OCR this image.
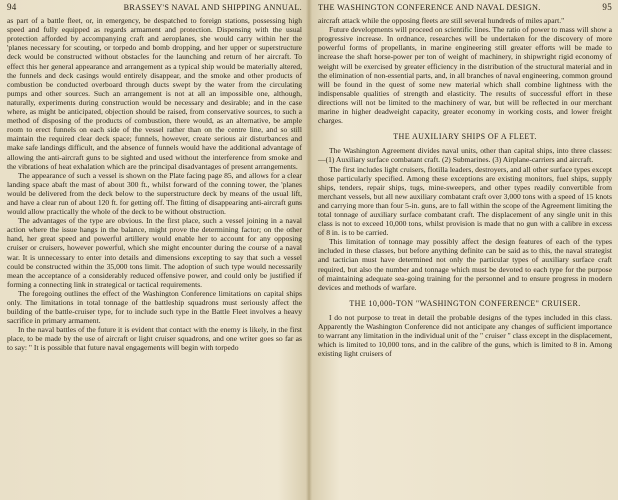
94	BRASSEY'S NAVAL AND SHIPPING ANNUAL.

as part of a battle fleet, or, in emergency, be despatched to foreign stations, possessing high speed and fully equipped as regards armament and protection. Dispensing with the usual protection afforded by accompanying craft and aeroplanes, she would carry within her the 'planes necessary for scouting, or torpedo and bomb dropping, and her upper or superstructure deck would be constructed without obstacles for the launching and return of her aircraft. To effect this her general appearance and arrangement as a typical ship would be materially altered, the funnels and deck casings would entirely disappear, and the smoke and other products of combustion be conducted overboard through ducts swept by the water from the circulating pumps and other sources. Such an arrangement is not at all an impossible one, although, naturally, experiments during construction would be necessary and desirable; and in the case where, as might be anticipated, objection should be raised, from conservative sources, to such a method of disposing of the products of combustion, there would, as an alternative, be ample room to erect funnels on each side of the vessel rather than on the centre line, and so still maintain the required clear deck space; funnels, however, create serious air disturbances and make safe landings difficult, and the absence of funnels would have the additional advantage of allowing the anti-aircraft guns to be sighted and used without the interference from smoke and the vibrations of heat exhalation which are the principal disadvantages of present arrangements.

The appearance of such a vessel is shown on the Plate facing page 85, and allows for a clear landing space abaft the mast of about 300 ft., whilst forward of the conning tower, the 'planes would be delivered from the deck below to the superstructure deck by means of the usual lift, and have a clear run of about 120 ft. for getting off. The fitting of disappearing anti-aircraft guns would allow practically the whole of the deck to be without obstruction.

The advantages of the type are obvious. In the first place, such a vessel joining in a naval action where the issue hangs in the balance, might prove the determining factor; on the other hand, her great speed and powerful artillery would enable her to account for any opposing cruiser or cruisers, however powerful, which she might encounter during the course of a naval war. It is unnecessary to enter into details and dimensions excepting to say that such a vessel could be constructed within the 35,000 tons limit. The adoption of such type would necessarily mean the acceptance of a considerably reduced offensive power, and could only be justified if forming a connecting link in strategical or tactical requirements.

The foregoing outlines the effect of the Washington Conference limitations on capital ships only. The limitations in total tonnage of the battleship squadrons must seriously affect the building of the battle-cruiser type, for to include such type in the Battle Fleet involves a heavy sacrifice in primary armament.

In the naval battles of the future it is evident that contact with the enemy is likely, in the first place, to be made by the use of aircraft or light cruiser squadrons, and one writer goes so far as to say: " It is possible that future naval engagements will begin with torpedo

THE WASHINGTON CONFERENCE AND NAVAL DESIGN.	95

aircraft attack while the opposing fleets are still several hundreds of miles apart."

Future developments will proceed on scientific lines. The ratio of power to mass will show a progressive increase. In ordnance, researches will be undertaken for the discovery of more powerful forms of propellants, in marine engineering still greater efforts will be made to increase the shaft horse-power per ton of weight of machinery, in shipwright rigid economy of weight will be exercised by greater efficiency in the distribution of the structural material and in the elimination of non-essential parts, and, in all branches of naval engineering, common ground will be found in the quest of some new material which shall combine lightness with the indispensable qualities of strength and elasticity. The results of successful effort in these directions will not be limited to the machinery of war, but will be reflected in our merchant marine in higher deadweight capacity, greater economy in working costs, and lower freight charges.

THE AUXILIARY SHIPS OF A FLEET.

The Washington Agreement divides naval units, other than capital ships, into three classes:—(1) Auxiliary surface combatant craft. (2) Submarines. (3) Airplane-carriers and aircraft.

The first includes light cruisers, flotilla leaders, destroyers, and all other surface types except those particularly specified. Among these exceptions are existing monitors, fuel ships, supply ships, tenders, repair ships, tugs, mine-sweepers, and other types readily convertible from merchant vessels, but all new auxiliary combatant craft over 3,000 tons with a speed of 15 knots and carrying more than four 5-in. guns, are to fall within the scope of the Agreement limiting the total tonnage of auxiliary surface combatant craft. The displacement of any single unit in this class is not to exceed 10,000 tons, whilst provision is made that no gun with a calibre in excess of 8 in. is to be carried.

This limitation of tonnage may possibly affect the design features of each of the types included in these classes, but before anything definite can be said as to this, the naval strategist and tactician must have determined not only the particular types of auxiliary surface craft required, but also the number and tonnage which must be devoted to each type for the purpose of maintaining adequate sea-going training for the personnel and to ensure progress in modern devices and methods of warfare.

THE 10,000-TON "WASHINGTON CONFERENCE" CRUISER.

I do not purpose to treat in detail the probable designs of the types included in this class. Apparently the Washington Conference did not anticipate any changes of sufficient importance to warrant any limitation in the individual unit of the " cruiser " class except in the displacement, which is limited to 10,000 tons, and in the calibre of the guns, which is limited to 8 in. Among existing light cruisers of
